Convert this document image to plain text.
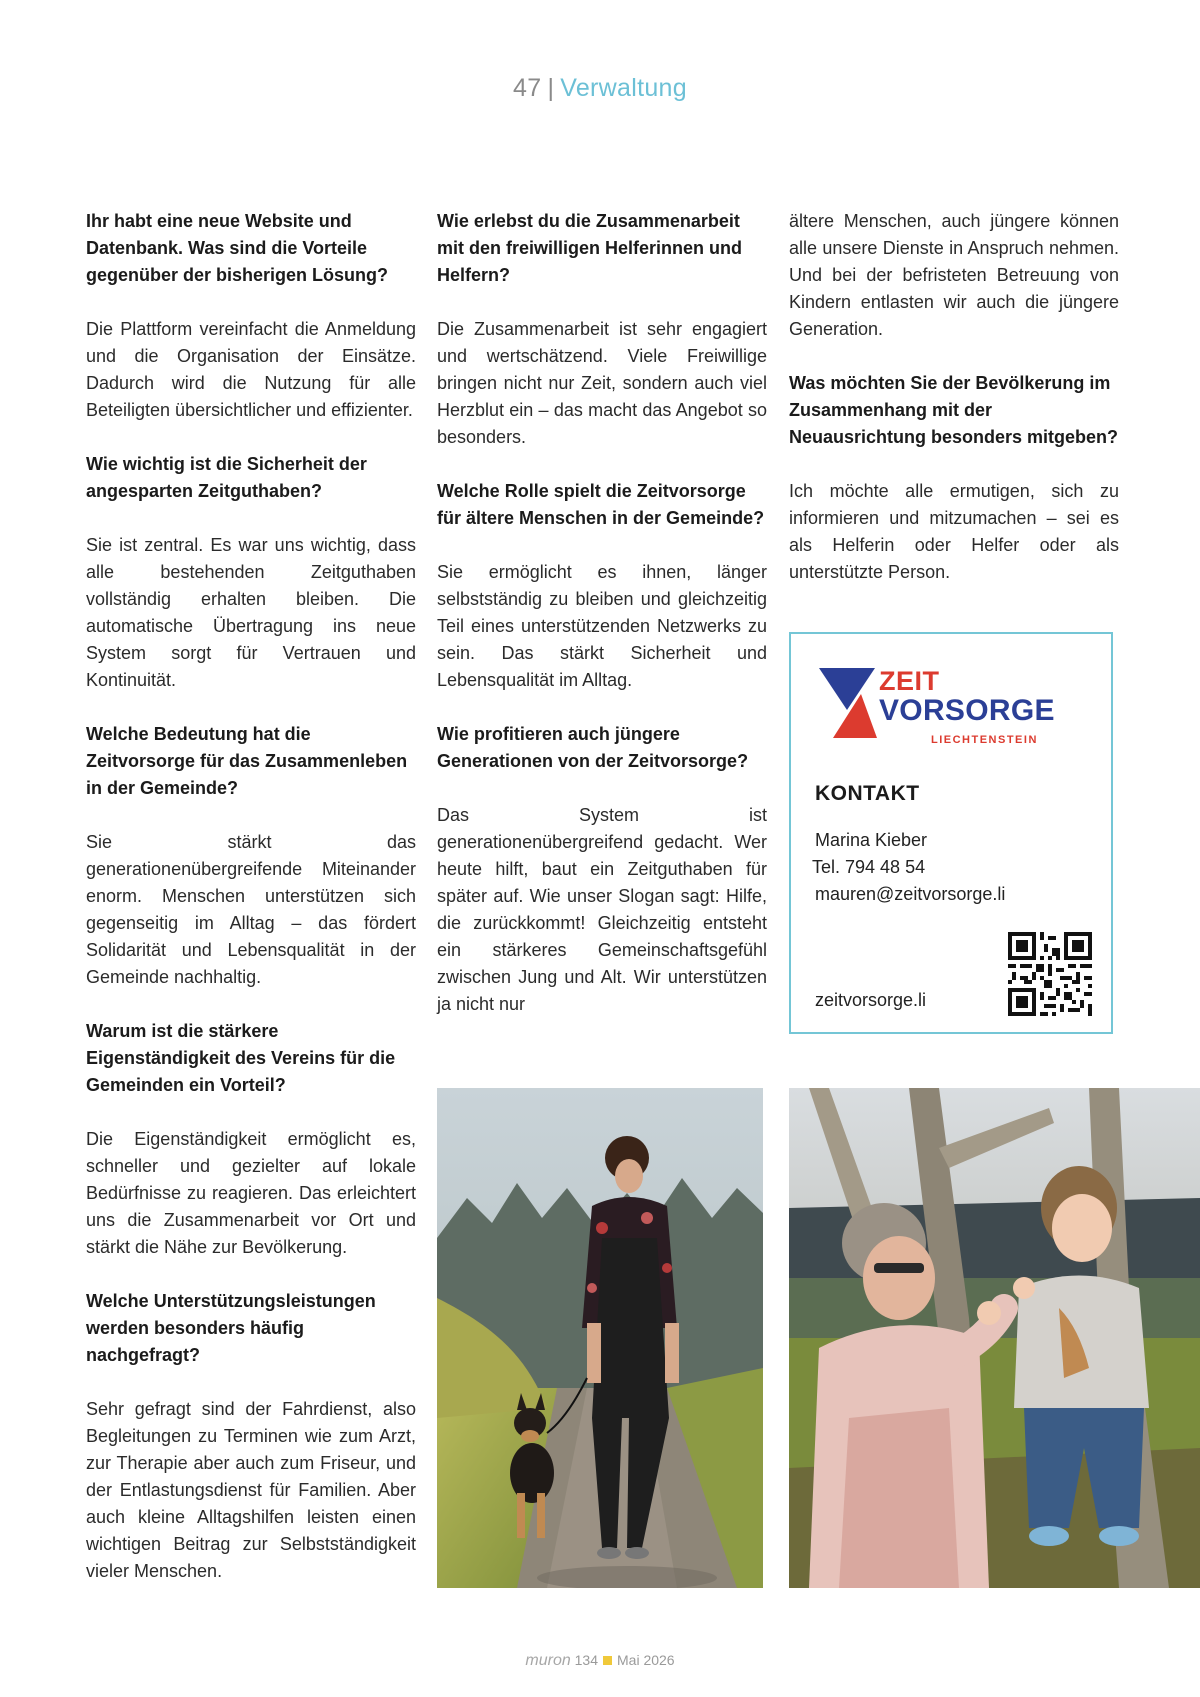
47 | Verwaltung

Ihr habt eine neue Website und Datenbank. Was sind die Vorteile gegenüber der bisherigen Lösung?

Die Plattform vereinfacht die Anmeldung und die Organisation der Einsätze. Dadurch wird die Nutzung für alle Beteiligten übersichtlicher und effizienter.

Wie wichtig ist die Sicherheit der angesparten Zeitguthaben?

Sie ist zentral. Es war uns wichtig, dass alle bestehenden Zeitguthaben vollständig erhalten bleiben. Die automatische Übertragung ins neue System sorgt für Vertrauen und Kontinuität.

Welche Bedeutung hat die Zeitvorsorge für das Zusammenleben in der Gemeinde?

Sie stärkt das generationenübergreifende Miteinander enorm. Menschen unterstützen sich gegenseitig im Alltag – das fördert Solidarität und Lebensqualität in der Gemeinde nachhaltig.

Warum ist die stärkere Eigenständigkeit des Vereins für die Gemeinden ein Vorteil?

Die Eigenständigkeit ermöglicht es, schneller und gezielter auf lokale Bedürfnisse zu reagieren. Das erleichtert uns die Zusammenarbeit vor Ort und stärkt die Nähe zur Bevölkerung.

Welche Unterstützungsleistungen werden besonders häufig nachgefragt?

Sehr gefragt sind der Fahrdienst, also Begleitungen zu Terminen wie zum Arzt, zur Therapie aber auch zum Friseur, und der Entlastungsdienst für Familien. Aber auch kleine Alltagshilfen leisten einen wichtigen Beitrag zur Selbstständigkeit vieler Menschen.

Wie erlebst du die Zusammenarbeit mit den freiwilligen Helferinnen und Helfern?

Die Zusammenarbeit ist sehr engagiert und wertschätzend. Viele Freiwillige bringen nicht nur Zeit, sondern auch viel Herzblut ein – das macht das Angebot so besonders.

Welche Rolle spielt die Zeitvorsorge für ältere Menschen in der Gemeinde?

Sie ermöglicht es ihnen, länger selbstständig zu bleiben und gleichzeitig Teil eines unterstützenden Netzwerks zu sein. Das stärkt Sicherheit und Lebensqualität im Alltag.

Wie profitieren auch jüngere Generationen von der Zeitvorsorge?

Das System ist generationenübergreifend gedacht. Wer heute hilft, baut ein Zeitguthaben für später auf. Wie unser Slogan sagt: Hilfe, die zurückkommt! Gleichzeitig entsteht ein stärkeres Gemeinschaftsgefühl zwischen Jung und Alt. Wir unterstützen ja nicht nur

ältere Menschen, auch jüngere können alle unsere Dienste in Anspruch nehmen. Und bei der befristeten Betreuung von Kindern entlasten wir auch die jüngere Generation.

Was möchten Sie der Bevölkerung im Zusammenhang mit der Neuausrichtung besonders mitgeben?

Ich möchte alle ermutigen, sich zu informieren und mitzumachen – sei es als Helferin oder Helfer oder als unterstützte Person.

ZEIT
VORSORGE
LIECHTENSTEIN
KONTAKT
Marina Kieber
Tel. 794 48 54
mauren@zeitvorsorge.li
zeitvorsorge.li
muron 134 Mai 2026
